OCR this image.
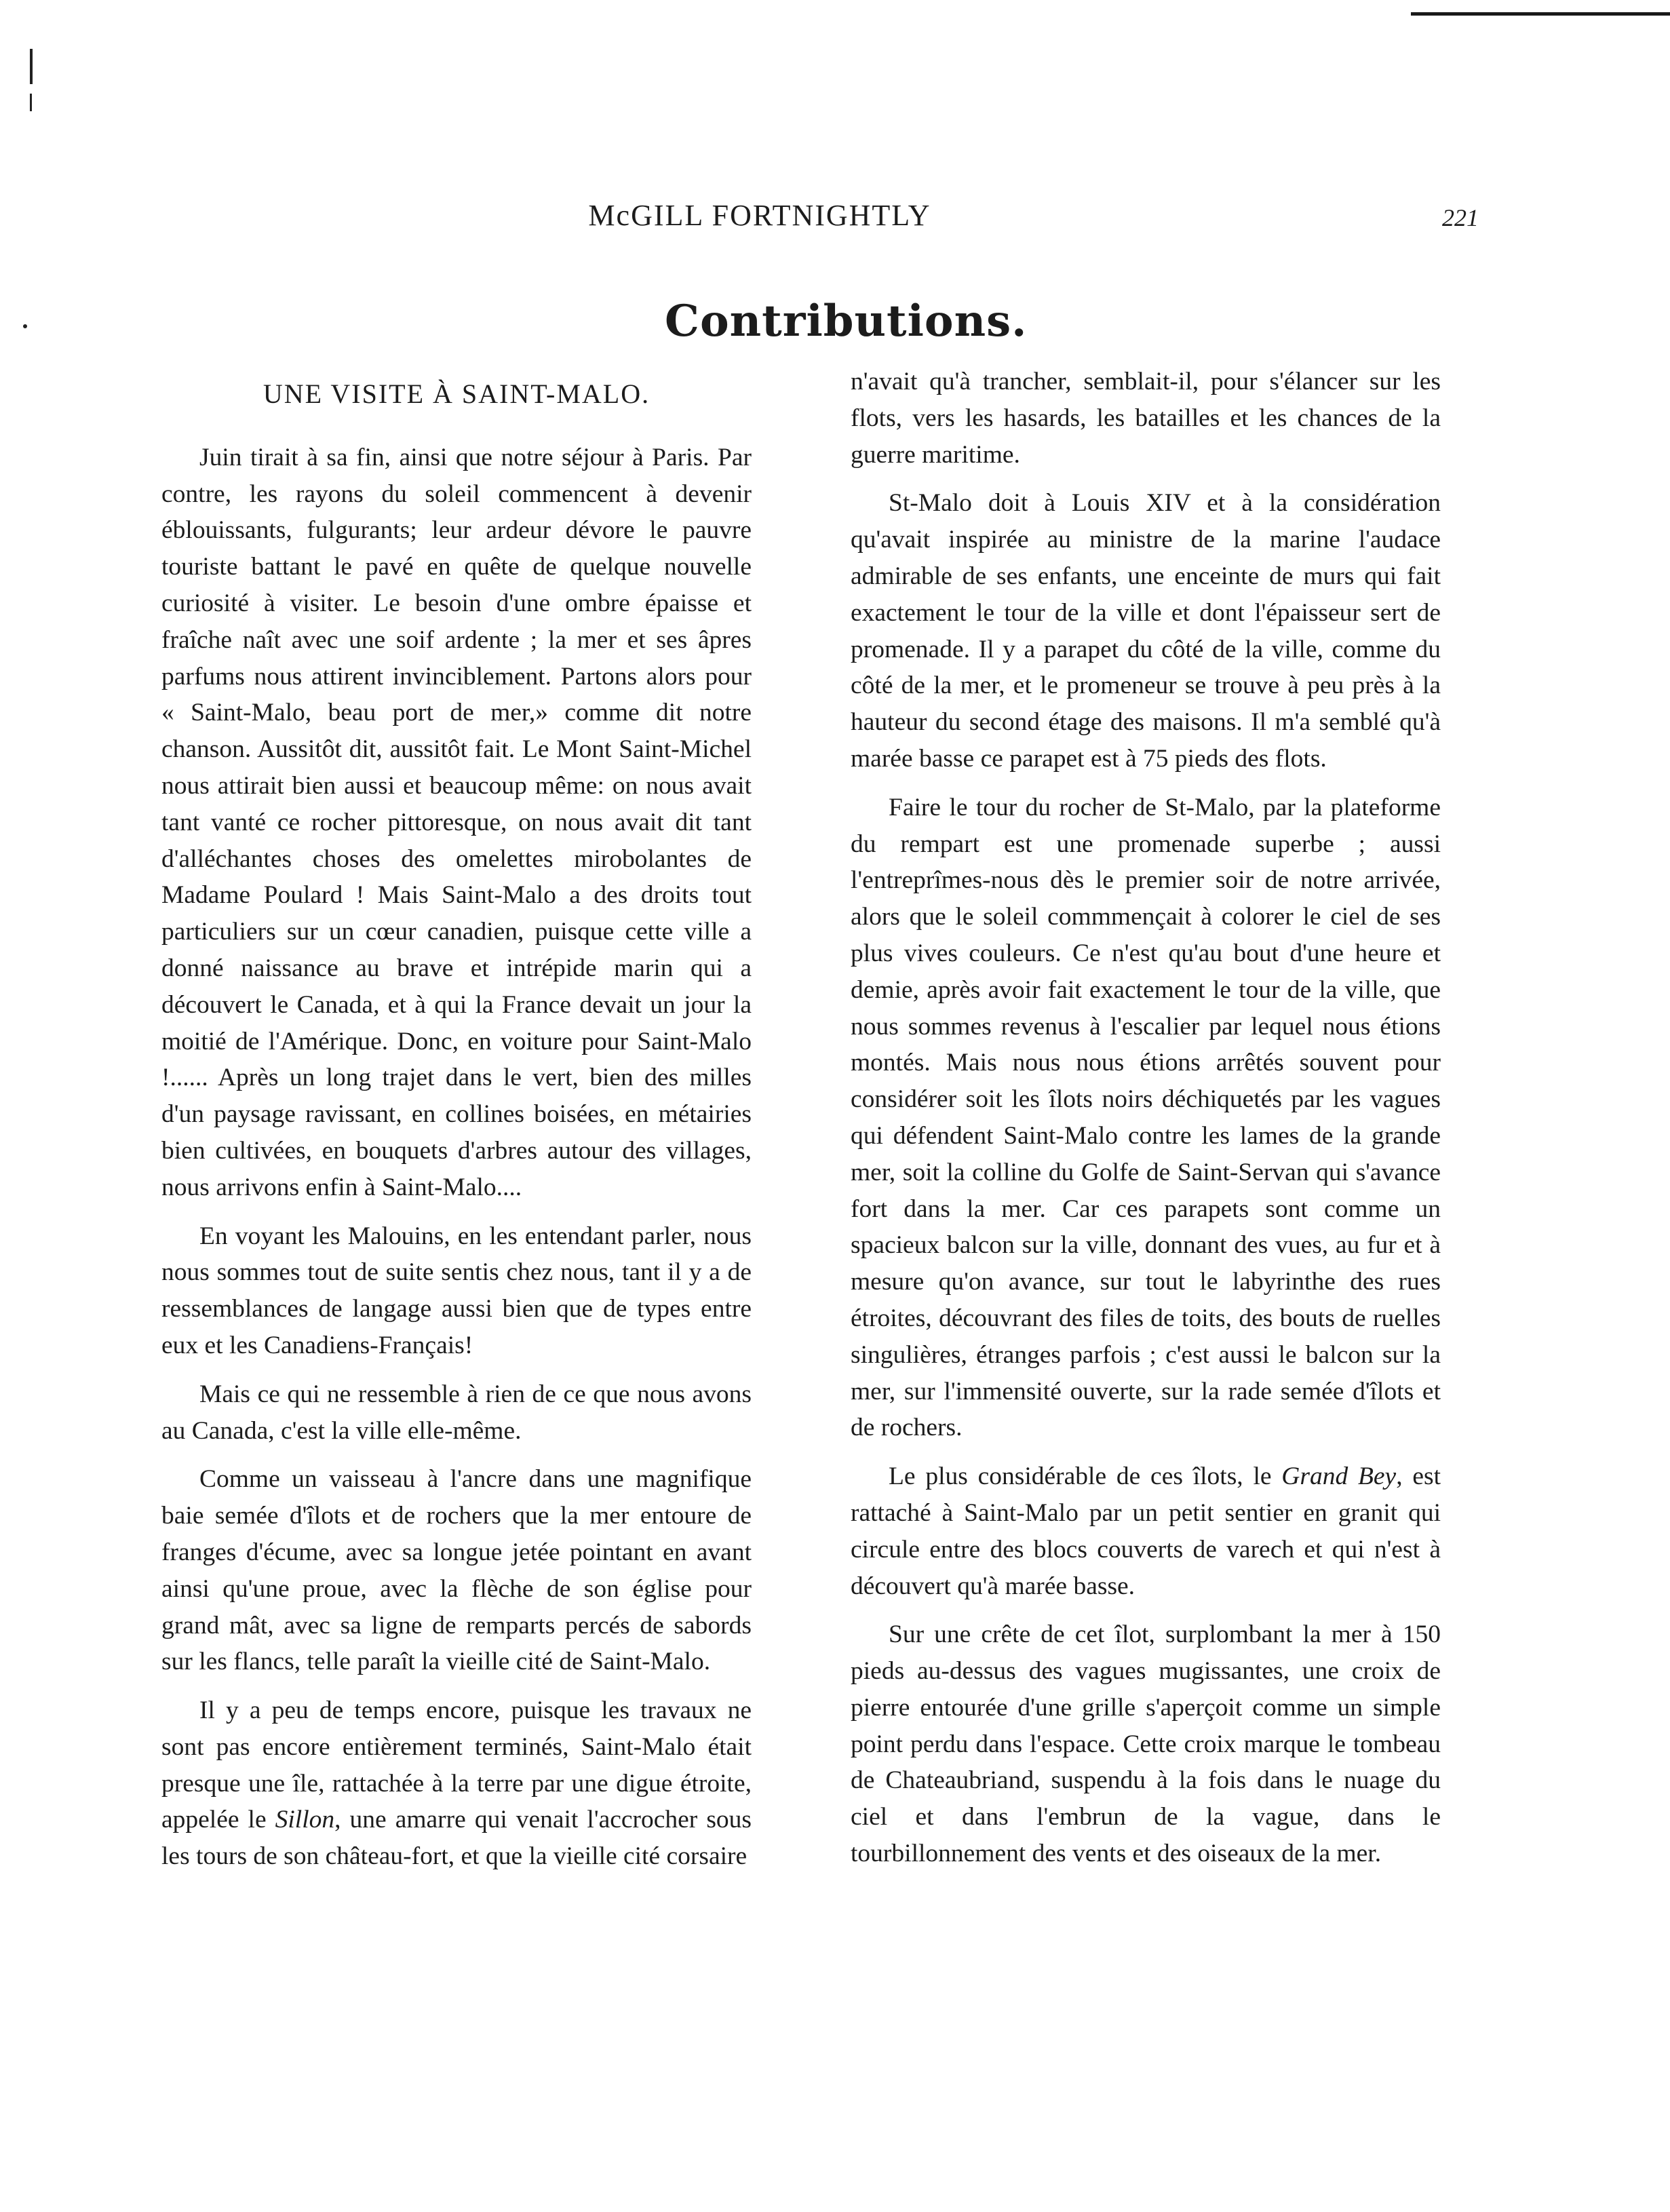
McGILL FORTNIGHTLY	221
Contributions.

UNE VISITE À SAINT-MALO.

Juin tirait à sa fin, ainsi que notre séjour à Paris. Par contre, les rayons du soleil commencent à devenir éblouissants, fulgurants; leur ardeur dévore le pauvre touriste battant le pavé en quête de quelque nouvelle curiosité à visiter. Le besoin d'une ombre épaisse et fraîche naît avec une soif ardente ; la mer et ses âpres parfums nous attirent invinciblement. Partons alors pour « Saint-Malo, beau port de mer,» comme dit notre chanson. Aussitôt dit, aussitôt fait. Le Mont Saint-Michel nous attirait bien aussi et beaucoup même: on nous avait tant vanté ce rocher pittoresque, on nous avait dit tant d'alléchantes choses des omelettes mirobolantes de Madame Poulard ! Mais Saint-Malo a des droits tout particuliers sur un cœur canadien, puisque cette ville a donné naissance au brave et intrépide marin qui a découvert le Canada, et à qui la France devait un jour la moitié de l'Amérique. Donc, en voiture pour Saint-Malo !...... Après un long trajet dans le vert, bien des milles d'un paysage ravissant, en collines boisées, en métairies bien cultivées, en bouquets d'arbres autour des villages, nous arrivons enfin à Saint-Malo....

En voyant les Malouins, en les entendant parler, nous nous sommes tout de suite sentis chez nous, tant il y a de ressemblances de langage aussi bien que de types entre eux et les Canadiens-Français!

Mais ce qui ne ressemble à rien de ce que nous avons au Canada, c'est la ville elle-même.

Comme un vaisseau à l'ancre dans une magnifique baie semée d'îlots et de rochers que la mer entoure de franges d'écume, avec sa longue jetée pointant en avant ainsi qu'une proue, avec la flèche de son église pour grand mât, avec sa ligne de remparts percés de sabords sur les flancs, telle paraît la vieille cité de Saint-Malo.

Il y a peu de temps encore, puisque les travaux ne sont pas encore entièrement terminés, Saint-Malo était presque une île, rattachée à la terre par une digue étroite, appelée le Sillon, une amarre qui venait l'accrocher sous les tours de son château-fort, et que la vieille cité corsaire

n'avait qu'à trancher, semblait-il, pour s'élancer sur les flots, vers les hasards, les batailles et les chances de la guerre maritime.

St-Malo doit à Louis XIV et à la considération qu'avait inspirée au ministre de la marine l'audace admirable de ses enfants, une enceinte de murs qui fait exactement le tour de la ville et dont l'épaisseur sert de promenade. Il y a parapet du côté de la ville, comme du côté de la mer, et le promeneur se trouve à peu près à la hauteur du second étage des maisons. Il m'a semblé qu'à marée basse ce parapet est à 75 pieds des flots.

Faire le tour du rocher de St-Malo, par la plateforme du rempart est une promenade superbe ; aussi l'entreprîmes-nous dès le premier soir de notre arrivée, alors que le soleil commmençait à colorer le ciel de ses plus vives couleurs. Ce n'est qu'au bout d'une heure et demie, après avoir fait exactement le tour de la ville, que nous sommes revenus à l'escalier par lequel nous étions montés. Mais nous nous étions arrêtés souvent pour considérer soit les îlots noirs déchiquetés par les vagues qui défendent Saint-Malo contre les lames de la grande mer, soit la colline du Golfe de Saint-Servan qui s'avance fort dans la mer. Car ces parapets sont comme un spacieux balcon sur la ville, donnant des vues, au fur et à mesure qu'on avance, sur tout le labyrinthe des rues étroites, découvrant des files de toits, des bouts de ruelles singulières, étranges parfois ; c'est aussi le balcon sur la mer, sur l'immensité ouverte, sur la rade semée d'îlots et de rochers.

Le plus considérable de ces îlots, le Grand Bey, est rattaché à Saint-Malo par un petit sentier en granit qui circule entre des blocs couverts de varech et qui n'est à découvert qu'à marée basse.

Sur une crête de cet îlot, surplombant la mer à 150 pieds au-dessus des vagues mugissantes, une croix de pierre entourée d'une grille s'aperçoit comme un simple point perdu dans l'espace. Cette croix marque le tombeau de Chateaubriand, suspendu à la fois dans le nuage du ciel et dans l'embrun de la vague, dans le tourbillonnement des vents et des oiseaux de la mer.
